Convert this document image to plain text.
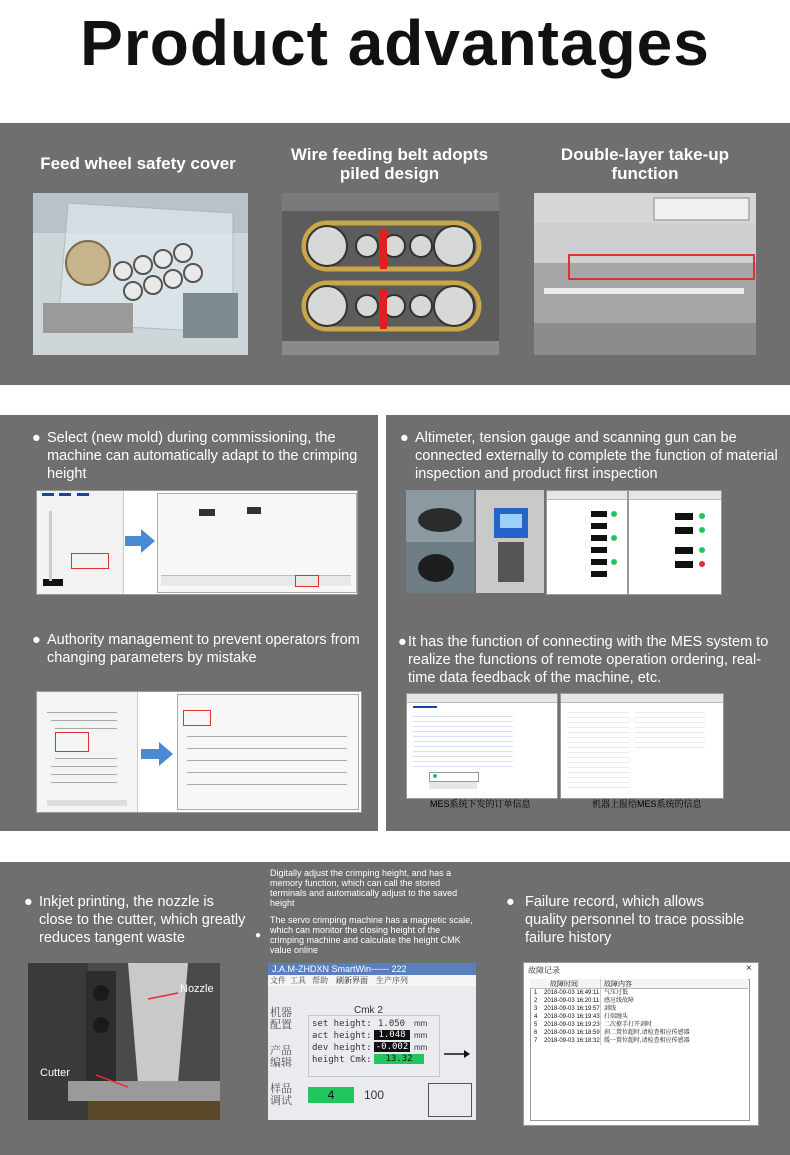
Product advantages
Feed wheel safety cover	Wire feeding belt adopts piled design
Double-layer take-up function
● Select (new mold) during commissioning, the machine can automatically adapt to the crimping height
● Altimeter, tension gauge and scanning gun can be connected externally to complete the function of material inspection and product first inspection
● Authority management to prevent operators from changing parameters by mistake
● It has the function of connecting with the MES system to realize the functions of remote operation ordering, real-time data feedback of the machine, etc.
MES系统下发的订单信息	机器上报给MES系统的信息
● Inkjet printing, the nozzle is close to the cutter, which greatly reduces tangent waste
Nozzle
Cutter
Digitally adjust the crimping height, and has a memory function, which can call the stored terminals and automatically adjust to the saved height
●
The servo crimping machine has a magnetic scale, which can monitor the closing height of the crimping machine and calculate the height CMK value online
J.A.M-ZHDXN SmartWin------ 222
文件 工具 帮助 刷新界面 生产序列
机器配置
产品编辑
样品调试
Cmk 2
set height: 1.050 mm
act height: 1.048	mm
dev height: -0.002 mm
height Cmk:	13.32
4	100
● Failure record, which allows quality personnel to trace possible failure history
故障记录	×
故障时间	故障内容
1 2018-09-03 16:49:11 气压过低
2 2018-09-03 16:20:11 感应线故障
3 2018-09-03 16:19:57 剥线
4 2018-09-03 16:19:43 打端缠头
5 2018-09-03 16:19:23 二次撩手打开剥时
6 2018-09-03 16:18:59 刹二置位超时,请检查相应传感器
7 2018-09-03 16:18:32 缓一置位超时,请检查相应传感器
